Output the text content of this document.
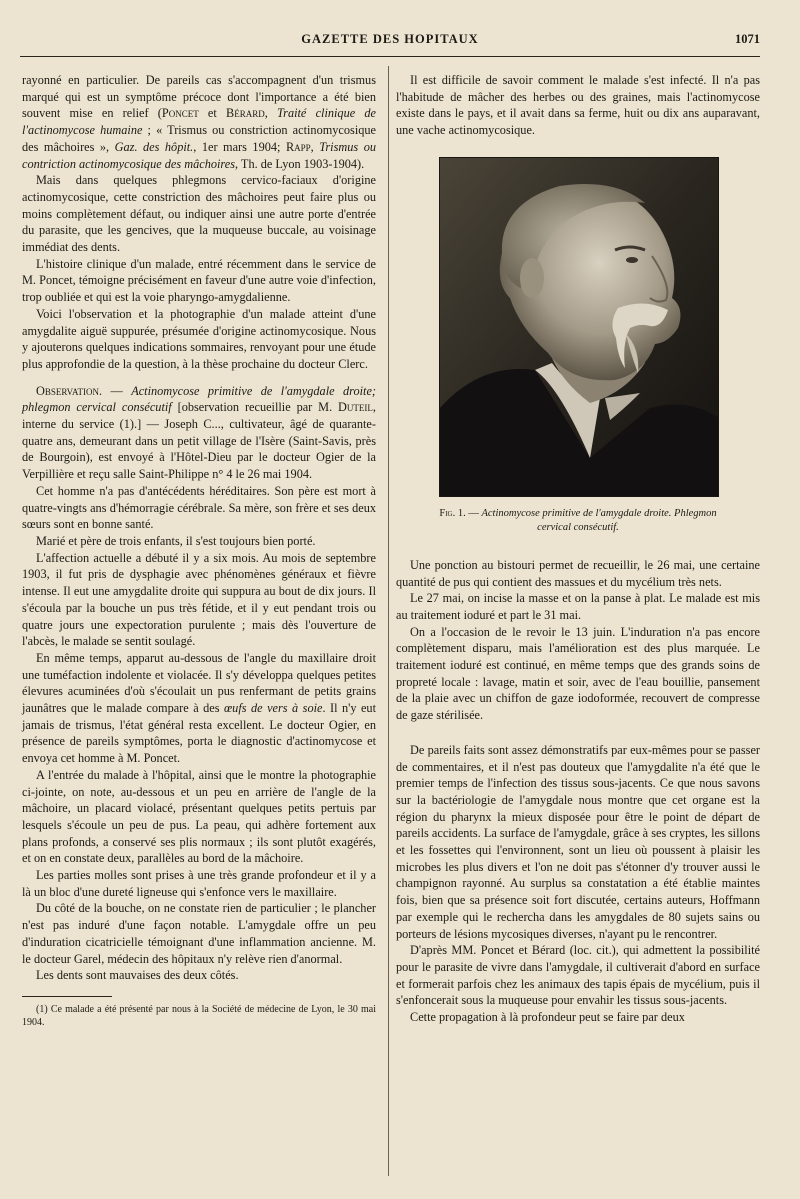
GAZETTE DES HOPITAUX	1071

rayonné en particulier. De pareils cas s'accompagnent d'un trismus marqué qui est un symptôme précoce dont l'importance a été bien souvent mise en relief (Poncet et Bérard, Traité clinique de l'actinomycose humaine ; « Trismus ou constriction actinomycosique des mâchoires », Gaz. des hôpit., 1er mars 1904; Rapp, Trismus ou contriction actinomycosique des mâchoires, Th. de Lyon 1903-1904).

Mais dans quelques phlegmons cervico-faciaux d'origine actinomycosique, cette constriction des mâchoires peut faire plus ou moins complètement défaut, ou indiquer ainsi une autre porte d'entrée du parasite, que les gencives, que la muqueuse buccale, au voisinage immédiat des dents.

L'histoire clinique d'un malade, entré récemment dans le service de M. Poncet, témoigne précisément en faveur d'une autre voie d'infection, trop oubliée et qui est la voie pharyngo-amygdalienne.

Voici l'observation et la photographie d'un malade atteint d'une amygdalite aiguë suppurée, présumée d'origine actinomycosique. Nous y ajouterons quelques indications sommaires, renvoyant pour une étude plus approfondie de la question, à la thèse prochaine du docteur Clerc.

Observation. — Actinomycose primitive de l'amygdale droite; phlegmon cervical consécutif [observation recueillie par M. Duteil, interne du service (1).] — Joseph C..., cultivateur, âgé de quarante-quatre ans, demeurant dans un petit village de l'Isère (Saint-Savis, près de Bourgoin), est envoyé à l'Hôtel-Dieu par le docteur Ogier de la Verpillière et reçu salle Saint-Philippe n° 4 le 26 mai 1904.

Cet homme n'a pas d'antécédents héréditaires. Son père est mort à quatre-vingts ans d'hémorragie cérébrale. Sa mère, son frère et ses deux sœurs sont en bonne santé.

Marié et père de trois enfants, il s'est toujours bien porté.

L'affection actuelle a débuté il y a six mois. Au mois de septembre 1903, il fut pris de dysphagie avec phénomènes généraux et fièvre intense. Il eut une amygdalite droite qui suppura au bout de dix jours. Il s'écoula par la bouche un pus très fétide, et il y eut pendant trois ou quatre jours une expectoration purulente ; mais dès l'ouverture de l'abcès, le malade se sentit soulagé.

En même temps, apparut au-dessous de l'angle du maxillaire droit une tuméfaction indolente et violacée. Il s'y développa quelques petites élevures acuminées d'où s'écoulait un pus renfermant de petits grains jaunâtres que le malade compare à des œufs de vers à soie. Il n'y eut jamais de trismus, l'état général resta excellent. Le docteur Ogier, en présence de pareils symptômes, porta le diagnostic d'actinomycose et envoya cet homme à M. Poncet.

A l'entrée du malade à l'hôpital, ainsi que le montre la photographie ci-jointe, on note, au-dessous et un peu en arrière de l'angle de la mâchoire, un placard violacé, présentant quelques petits pertuis par lesquels s'écoule un peu de pus. La peau, qui adhère fortement aux plans profonds, a conservé ses plis normaux ; ils sont plutôt exagérés, et on en constate deux, parallèles au bord de la mâchoire.

Les parties molles sont prises à une très grande profondeur et il y a là un bloc d'une dureté ligneuse qui s'enfonce vers le maxillaire.

Du côté de la bouche, on ne constate rien de particulier ; le plancher n'est pas induré d'une façon notable. L'amygdale offre un peu d'induration cicatricielle témoignant d'une inflammation ancienne. M. le docteur Garel, médecin des hôpitaux n'y relève rien d'anormal.

Les dents sont mauvaises des deux côtés.

(1) Ce malade a été présenté par nous à la Société de médecine de Lyon, le 30 mai 1904.

Il est difficile de savoir comment le malade s'est infecté. Il n'a pas l'habitude de mâcher des herbes ou des graines, mais l'actinomycose existe dans le pays, et il avait dans sa ferme, huit ou dix ans auparavant, une vache actinomycosique.

Fig. 1. — Actinomycose primitive de l'amygdale droite. Phlegmon cervical consécutif.

Une ponction au bistouri permet de recueillir, le 26 mai, une certaine quantité de pus qui contient des massues et du mycélium très nets.

Le 27 mai, on incise la masse et on la panse à plat. Le malade est mis au traitement ioduré et part le 31 mai.

On a l'occasion de le revoir le 13 juin. L'induration n'a pas encore complètement disparu, mais l'amélioration est des plus marquée. Le traitement ioduré est continué, en même temps que des grands soins de propreté locale : lavage, matin et soir, avec de l'eau bouillie, pansement de la plaie avec un chiffon de gaze iodoformée, recouvert de compresse de gaze stérilisée.

De pareils faits sont assez démonstratifs par eux-mêmes pour se passer de commentaires, et il n'est pas douteux que l'amygdalite n'a été que le premier temps de l'infection des tissus sous-jacents. Ce que nous savons sur la bactériologie de l'amygdale nous montre que cet organe est la région du pharynx la mieux disposée pour être le point de départ de pareils accidents. La surface de l'amygdale, grâce à ses cryptes, les sillons et les fossettes qui l'environnent, sont un lieu où poussent à plaisir les microbes les plus divers et l'on ne doit pas s'étonner d'y trouver aussi le champignon rayonné. Au surplus sa constatation a été établie maintes fois, bien que sa présence soit fort discutée, certains auteurs, Hoffmann par exemple qui le rechercha dans les amygdales de 80 sujets sains ou porteurs de lésions mycosiques diverses, n'ayant pu le rencontrer.

D'après MM. Poncet et Bérard (loc. cit.), qui admettent la possibilité pour le parasite de vivre dans l'amygdale, il cultiverait d'abord en surface et formerait parfois chez les animaux des tapis épais de mycélium, puis il s'enfoncerait sous la muqueuse pour envahir les tissus sous-jacents.

Cette propagation à là profondeur peut se faire par deux
